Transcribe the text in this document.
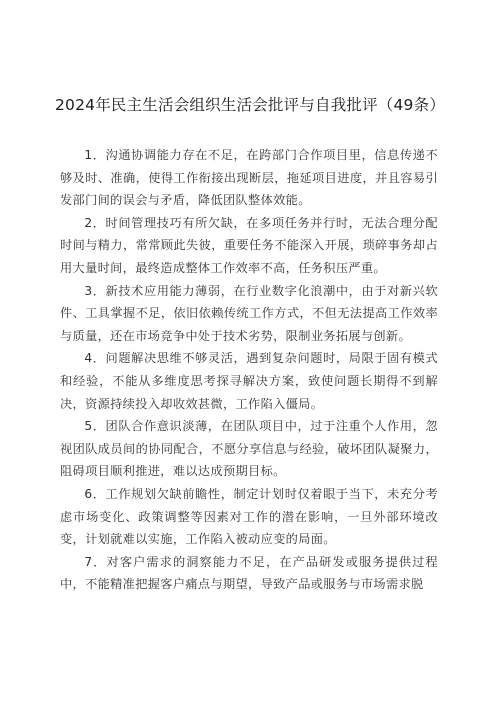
2024年民主生活会组织生活会批评与自我批评（49条）

1．沟通协调能力存在不足，在跨部门合作项目里，信息传递不够及时、准确，使得工作衔接出现断层，拖延项目进度，并且容易引发部门间的误会与矛盾，降低团队整体效能。

2．时间管理技巧有所欠缺，在多项任务并行时，无法合理分配时间与精力，常常顾此失彼，重要任务不能深入开展，琐碎事务却占用大量时间，最终造成整体工作效率不高，任务积压严重。

3．新技术应用能力薄弱，在行业数字化浪潮中，由于对新兴软件、工具掌握不足，依旧依赖传统工作方式，不但无法提高工作效率与质量，还在市场竞争中处于技术劣势，限制业务拓展与创新。

4．问题解决思维不够灵活，遇到复杂问题时，局限于固有模式和经验，不能从多维度思考探寻解决方案，致使问题长期得不到解决，资源持续投入却收效甚微，工作陷入僵局。

5．团队合作意识淡薄，在团队项目中，过于注重个人作用，忽视团队成员间的协同配合，不愿分享信息与经验，破坏团队凝聚力，阻碍项目顺利推进，难以达成预期目标。

6．工作规划欠缺前瞻性，制定计划时仅着眼于当下，未充分考虑市场变化、政策调整等因素对工作的潜在影响，一旦外部环境改变，计划就难以实施，工作陷入被动应变的局面。

7．对客户需求的洞察能力不足，在产品研发或服务提供过程中，不能精准把握客户痛点与期望，导致产品或服务与市场需求脱
